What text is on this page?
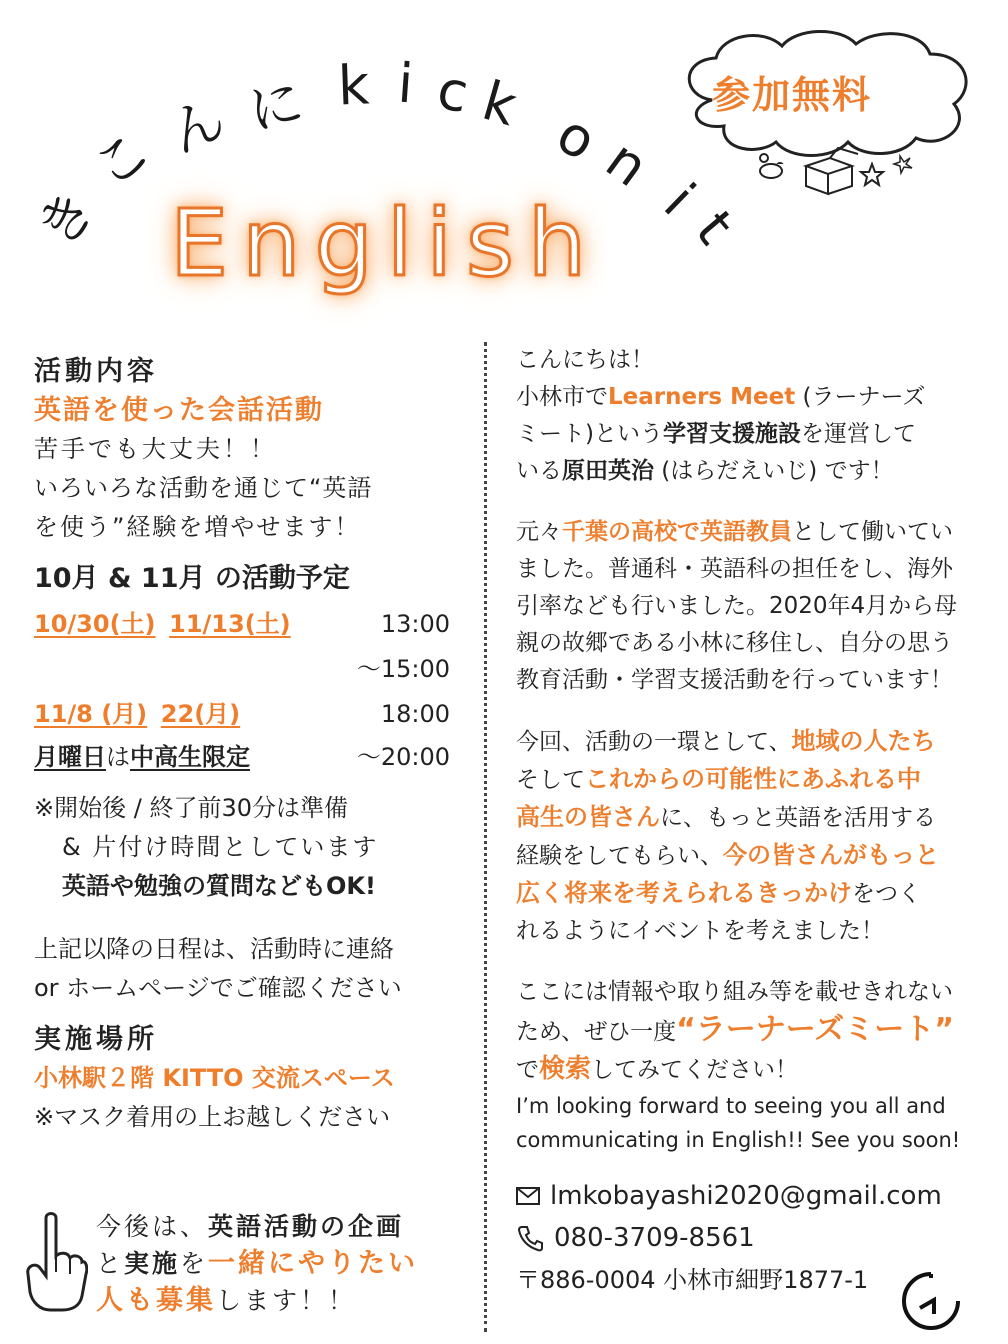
き
こ
ん に k i c k o
n
i
t
English
参加無料
活動内容
英語を使った会話活動
苦手でも大丈夫！！
いろいろな活動を通じて“英語
を使う”経験を増やせます！
10月 & 11月 の活動予定
10/30(土) 11/13(土)	13:00
～15:00
11/8 (月) 22(月)	18:00
月曜日は中高生限定	～20:00
※開始後 / 終了前30分は準備
& 片付け時間としています
英語や勉強の質問などもOK!
上記以降の日程は、活動時に連絡
or ホームページでご確認ください
実施場所
小林駅２階 KITTO 交流スペース
※マスク着用の上お越しください
今後は、英語活動の企画
と実施を一緒にやりたい
人も募集します！！
こんにちは！
小林市でLearners Meet (ラーナーズ
ミート)という学習支援施設を運営して
いる原田英治 (はらだえいじ) です！
元々千葉の高校で英語教員として働いてい
ました。普通科・英語科の担任をし、海外
引率なども行いました。2020年4月から母
親の故郷である小林に移住し、自分の思う
教育活動・学習支援活動を行っています！
今回、活動の一環として、地域の人たち
そしてこれからの可能性にあふれる中
高生の皆さんに、もっと英語を活用する
経験をしてもらい、今の皆さんがもっと
広く将来を考えられるきっかけをつく
れるようにイベントを考えました！
ここには情報や取り組み等を載せきれない
ため、ぜひ一度“ラーナーズミート”
で検索してみてください！
I’m looking forward to seeing you all and
communicating in English!! See you soon!
lmkobayashi2020@gmail.com
080-3709-8561
〒886-0004 小林市細野1877-1
